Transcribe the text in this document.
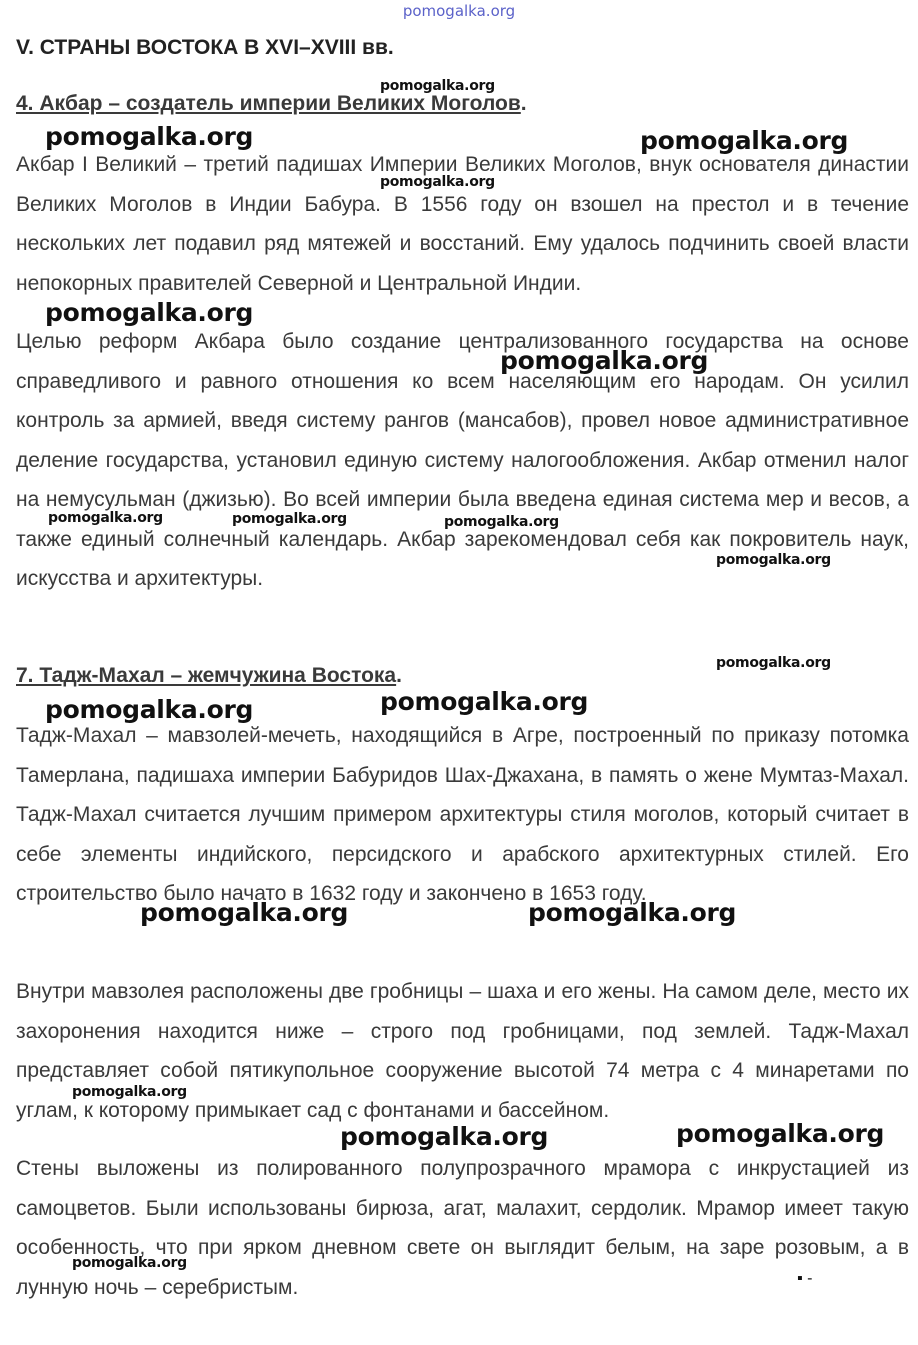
pomogalka.org
V. СТРАНЫ ВОСТОКА В XVI–XVIII вв.
4. Акбар – создатель империи Великих Моголов.

Акбар I Великий – третий падишах Империи Великих Моголов, внук основателя династии Великих Моголов в Индии Бабура. В 1556 году он взошел на престол и в течение нескольких лет подавил ряд мятежей и восстаний. Ему удалось подчинить своей власти непокорных правителей Северной и Центральной Индии.

Целью реформ Акбара было создание централизованного государства на основе справедливого и равного отношения ко всем населяющим его народам. Он усилил контроль за армией, введя систему рангов (мансабов), провел новое административное деление государства, установил единую систему налогообложения. Акбар отменил налог на немусульман (джизью). Во всей империи была введена единая система мер и весов, а также единый солнечный календарь. Акбар зарекомендовал себя как покровитель наук, искусства и архитектуры.

7. Тадж-Махал – жемчужина Востока.

Тадж-Махал – мавзолей-мечеть, находящийся в Агре, построенный по приказу потомка Тамерлана, падишаха империи Бабуридов Шах-Джахана, в память о жене Мумтаз-Махал. Тадж-Махал считается лучшим примером архитектуры стиля моголов, который считает в себе элементы индийского, персидского и арабского архитектурных стилей. Его строительство было начато в 1632 году и закончено в 1653 году.

Внутри мавзолея расположены две гробницы – шаха и его жены. На самом деле, место их захоронения находится ниже – строго под гробницами, под землей. Тадж-Махал представляет собой пятикупольное сооружение высотой 74 метра с 4 минаретами по углам, к которому примыкает сад с фонтанами и бассейном.

Стены выложены из полированного полупрозрачного мрамора с инкрустацией из самоцветов. Были использованы бирюза, агат, малахит, сердолик. Мрамор имеет такую особенность, что при ярком дневном свете он выглядит белым, на заре розовым, а в лунную ночь – серебристым.

pomogalka.org
pomogalka.org	pomogalka.org
pomogalka.org
pomogalka.org
pomogalka.org
pomogalka.org	pomogalka.org	pomogalka.org
pomogalka.org
pomogalka.org
pomogalka.org
pomogalka.org
pomogalka.org	pomogalka.org
pomogalka.org
pomogalka.org	pomogalka.org
pomogalka.org
▪ -
